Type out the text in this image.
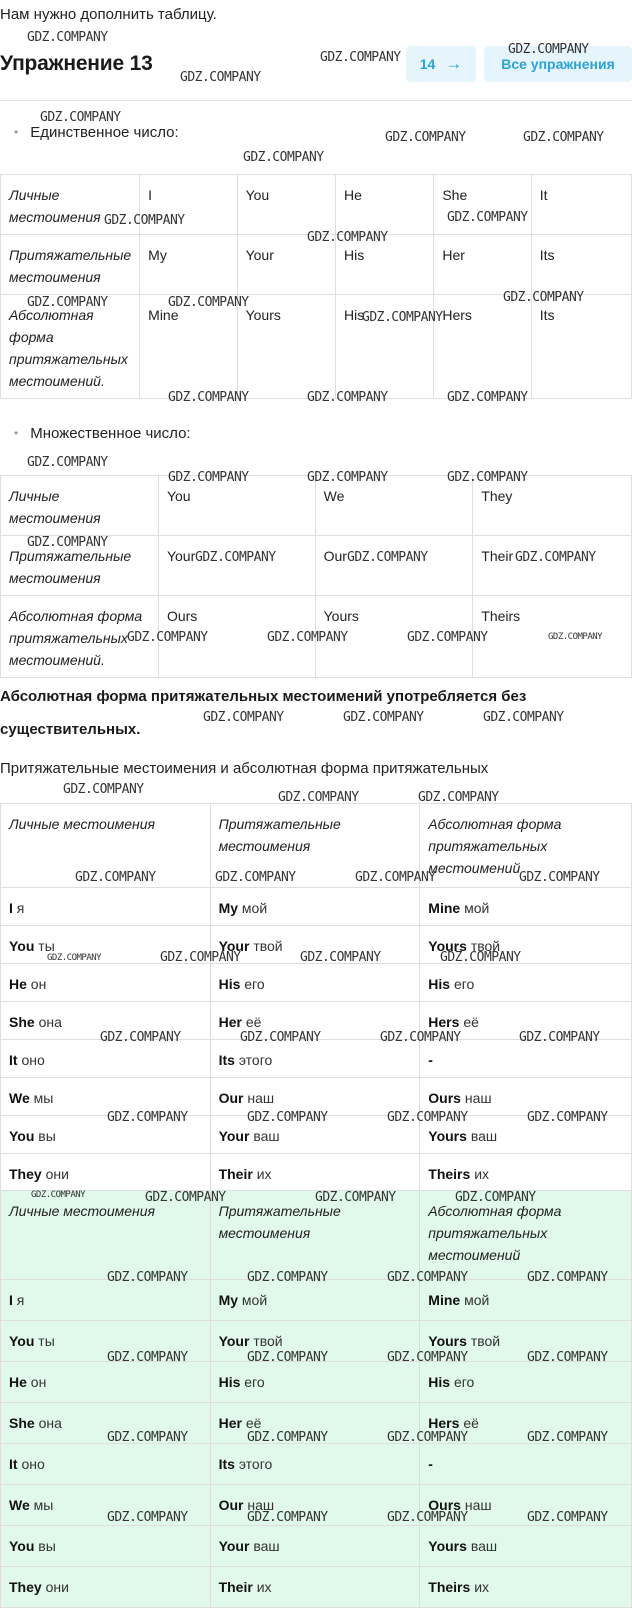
Нам нужно дополнить таблицу.
Упражнение 13	14 →	Все упражнения
• Единственное число:
Личные местоимения	I	You	He	She	It
Притяжательные местоимения	My	Your	His	Her	Its
Абсолютная форма притяжательных местоимений.	Mine	Yours	His	Hers	Its
• Множественное число:
Личные местоимения	You	We	They
Притяжательные местоимения	Your	Our	Their
Абсолютная форма притяжательных местоимений.	Ours	Yours	Theirs
Абсолютная форма притяжательных местоимений употребляется без существительных.
Притяжательные местоимения и абсолютная форма притяжательных
Личные местоимения	Притяжательные местоимения	Абсолютная форма притяжательных местоимений
I я	My мой	Mine мой
You ты	Your твой	Yours твой
He он	His его	His его
She она	Her её	Hers её
It оно	Its этого	-
We мы	Our наш	Ours наш
You вы	Your ваш	Yours ваш
They они	Their их	Theirs их
Личные местоимения	Притяжательные местоимения	Абсолютная форма притяжательных местоимений
I я	My мой	Mine мой
You ты	Your твой	Yours твой
He он	His его	His его
She она	Her её	Hers её
It оно	Its этого	-
We мы	Our наш	Ours наш
You вы	Your ваш	Yours ваш
They они	Their их	Theirs их
GDZ.COMPANY
GDZ.COMPANY
GDZ.COMPANY
GDZ.COMPANY
GDZ.COMPANY
GDZ.COMPANY	GDZ.COMPANY
GDZ.COMPANY
GDZ.COMPANY	GDZ.COMPANY
GDZ.COMPANY
GDZ.COMPANY	GDZ.COMPANY	GDZ.COMPANY
GDZ.COMPANY
GDZ.COMPANY	GDZ.COMPANY	GDZ.COMPANY
GDZ.COMPANY
GDZ.COMPANY	GDZ.COMPANY	GDZ.COMPANY
GDZ.COMPANY
GDZ.COMPANY	GDZ.COMPANY	GDZ.COMPANY
GDZ.COMPANY	GDZ.COMPANY	GDZ.COMPANY
GDZ.COMPANY	GDZ.COMPANY	GDZ.COMPANY
GDZ.COMPANY
GDZ.COMPANY	GDZ.COMPANY
GDZ.COMPANY	GDZ.COMPANY	GDZ.COMPANY	GDZ.COMPANY
GDZ.COMPANY	GDZ.COMPANY	GDZ.COMPANY
GDZ.COMPANY	GDZ.COMPANY	GDZ.COMPANY	GDZ.COMPANY
GDZ.COMPANY	GDZ.COMPANY	GDZ.COMPANY	GDZ.COMPANY
GDZ.COMPANY	GDZ.COMPANY	GDZ.COMPANY
GDZ.COMPANY	GDZ.COMPANY	GDZ.COMPANY	GDZ.COMPANY
GDZ.COMPANY	GDZ.COMPANY	GDZ.COMPANY	GDZ.COMPANY
GDZ.COMPANY	GDZ.COMPANY	GDZ.COMPANY	GDZ.COMPANY
GDZ.COMPANY	GDZ.COMPANY	GDZ.COMPANY	GDZ.COMPANY
GDZ.COMPANY
GDZ.COMPANY
GDZ.COMPANY
